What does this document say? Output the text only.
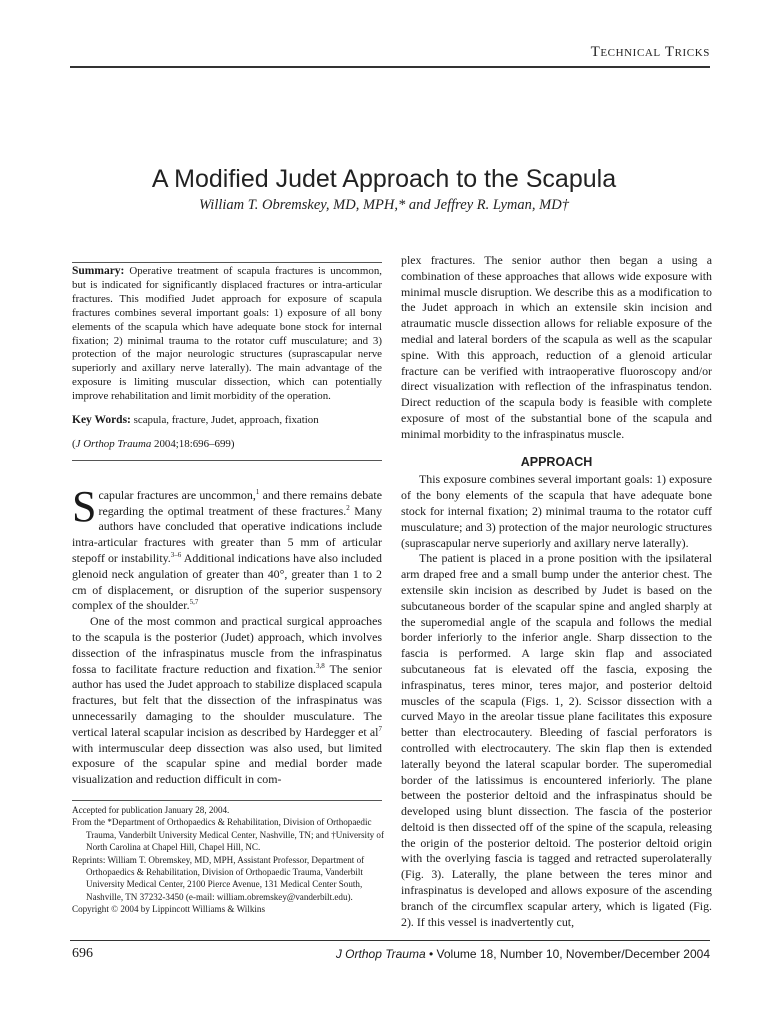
Technical Tricks
A Modified Judet Approach to the Scapula
William T. Obremskey, MD, MPH,* and Jeffrey R. Lyman, MD†
Summary: Operative treatment of scapula fractures is uncommon, but is indicated for significantly displaced fractures or intra-articular fractures. This modified Judet approach for exposure of scapula fractures combines several important goals: 1) exposure of all bony elements of the scapula which have adequate bone stock for internal fixation; 2) minimal trauma to the rotator cuff musculature; and 3) protection of the major neurologic structures (suprascapular nerve superiorly and axillary nerve laterally). The main advantage of the exposure is limiting muscular dissection, which can potentially improve rehabilitation and limit morbidity of the operation.
Key Words: scapula, fracture, Judet, approach, fixation
(J Orthop Trauma 2004;18:696–699)

Scapular fractures are uncommon,$^1$ and there remains debate regarding the optimal treatment of these fractures.$^2$ Many authors have concluded that operative indications include intra-articular fractures with greater than 5 mm of articular stepoff or instability.$^{3-6}$ Additional indications have also included glenoid neck angulation of greater than 40°, greater than 1 to 2 cm of displacement, or disruption of the superior suspensory complex of the shoulder.$^{5,7}$

One of the most common and practical surgical approaches to the scapula is the posterior (Judet) approach, which involves dissection of the infraspinatus muscle from the infraspinatus fossa to facilitate fracture reduction and fixation.$^{3,8}$ The senior author has used the Judet approach to stabilize displaced scapula fractures, but felt that the dissection of the infraspinatus was unnecessarily damaging to the shoulder musculature. The vertical lateral scapular incision as described by Hardegger et $al^7$ with intermuscular deep dissection was also used, but limited exposure of the scapular spine and medial border made visualization and reduction difficult in com-

Accepted for publication January 28, 2004.
From the *Department of Orthopaedics & Rehabilitation, Division of Orthopaedic Trauma, Vanderbilt University Medical Center, Nashville, TN; and †University of North Carolina at Chapel Hill, Chapel Hill, NC.
Reprints: William T. Obremskey, MD, MPH, Assistant Professor, Department of Orthopaedics & Rehabilitation, Division of Orthopaedic Trauma, Vanderbilt University Medical Center, 2100 Pierce Avenue, 131 Medical Center South, Nashville, TN 37232-3450 (e-mail: william.obremskey@vanderbilt.edu).
Copyright © 2004 by Lippincott Williams & Wilkins

plex fractures. The senior author then began a using a combination of these approaches that allows wide exposure with minimal muscle disruption. We describe this as a modification to the Judet approach in which an extensile skin incision and atraumatic muscle dissection allows for reliable exposure of the medial and lateral borders of the scapula as well as the scapular spine. With this approach, reduction of a glenoid articular fracture can be verified with intraoperative fluoroscopy and/or direct visualization with reflection of the infraspinatus tendon. Direct reduction of the scapula body is feasible with complete exposure of most of the substantial bone of the scapula and minimal morbidity to the infraspinatus muscle.

APPROACH

This exposure combines several important goals: 1) exposure of the bony elements of the scapula that have adequate bone stock for internal fixation; 2) minimal trauma to the rotator cuff musculature; and 3) protection of the major neurologic structures (suprascapular nerve superiorly and axillary nerve laterally).

The patient is placed in a prone position with the ipsilateral arm draped free and a small bump under the anterior chest. The extensile skin incision as described by Judet is based on the subcutaneous border of the scapular spine and angled sharply at the superomedial angle of the scapula and follows the medial border inferiorly to the inferior angle. Sharp dissection to the fascia is performed. A large skin flap and associated subcutaneous fat is elevated off the fascia, exposing the infraspinatus, teres minor, teres major, and posterior deltoid muscles of the scapula (Figs. 1, 2). Scissor dissection with a curved Mayo in the areolar tissue plane facilitates this exposure better than electrocautery. Bleeding of fascial perforators is controlled with electrocautery. The skin flap then is extended laterally beyond the lateral scapular border. The superomedial border of the latissimus is encountered inferiorly. The plane between the posterior deltoid and the infraspinatus should be developed using blunt dissection. The fascia of the posterior deltoid is then dissected off of the spine of the scapula, releasing the origin of the posterior deltoid. The posterior deltoid origin with the overlying fascia is tagged and retracted superolaterally (Fig. 3). Laterally, the plane between the teres minor and infraspinatus is developed and allows exposure of the ascending branch of the circumflex scapular artery, which is ligated (Fig. 2). If this vessel is inadvertently cut,

696	J Orthop Trauma • Volume 18, Number 10, November/December 2004
